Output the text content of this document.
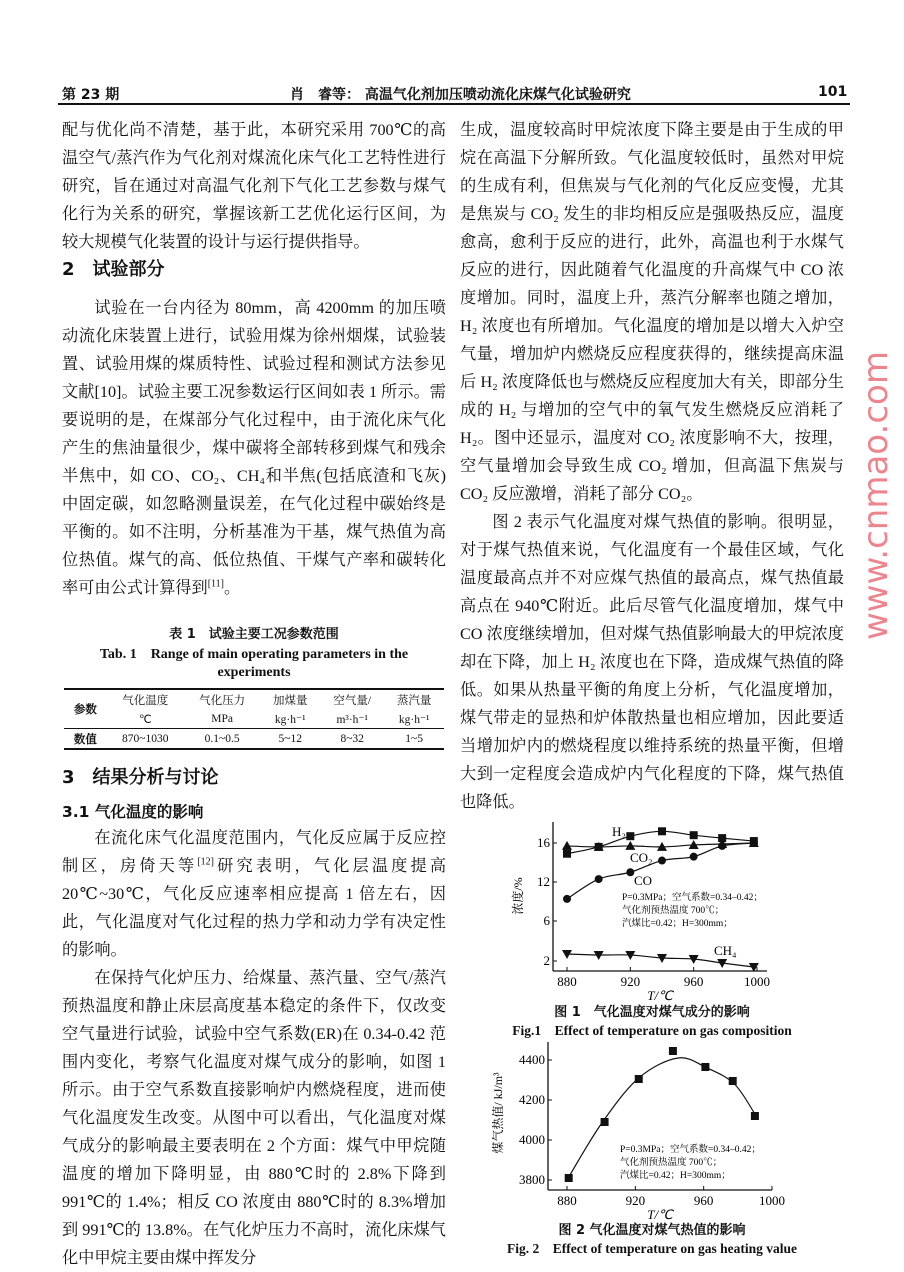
第 23 期	肖　睿等： 高温气化剂加压喷动流化床煤气化试验研究	101
配与优化尚不清楚，基于此，本研究采用 700℃的高温空气/蒸汽作为气化剂对煤流化床气化工艺特性进行研究，旨在通过对高温气化剂下气化工艺参数与煤气化行为关系的研究，掌握该新工艺优化运行区间，为较大规模气化装置的设计与运行提供指导。
2　试验部分
试验在一台内径为 80mm，高 4200mm 的加压喷动流化床装置上进行，试验用煤为徐州烟煤，试验装置、试验用煤的煤质特性、试验过程和测试方法参见文献[10]。试验主要工况参数运行区间如表 1 所示。需要说明的是，在煤部分气化过程中，由于流化床气化产生的焦油量很少，煤中碳将全部转移到煤气和残余半焦中，如 CO、CO₂、CH₄和半焦(包括底渣和飞灰)中固定碳，如忽略测量误差，在气化过程中碳始终是平衡的。如不注明，分析基准为干基，煤气热值为高位热值。煤气的高、低位热值、干煤气产率和碳转化率可由公式计算得到[11]。
表 1　试验主要工况参数范围
Tab. 1　Range of main operating parameters in the experiments
参数	气化温度	气化压力	加煤量	空气量/	蒸汽量
	℃	MPa	kg·h⁻¹	m³·h⁻¹	kg·h⁻¹
数值	870~1030	0.1~0.5	5~12	8~32	1~5
3　结果分析与讨论
3.1 气化温度的影响
在流化床气化温度范围内，气化反应属于反应控制区，房倚天等[12]研究表明，气化层温度提高 20℃~30℃，气化反应速率相应提高 1 倍左右，因此，气化温度对气化过程的热力学和动力学有决定性的影响。
在保持气化炉压力、给煤量、蒸汽量、空气/蒸汽预热温度和静止床层高度基本稳定的条件下，仅改变空气量进行试验，试验中空气系数(ER)在 0.34-0.42 范围内变化，考察气化温度对煤气成分的影响，如图 1 所示。由于空气系数直接影响炉内燃烧程度，进而使气化温度发生改变。从图中可以看出，气化温度对煤气成分的影响最主要表明在 2 个方面：煤气中甲烷随温度的增加下降明显，由 880℃时的 2.8%下降到 991℃的 1.4%；相反 CO 浓度由 880℃时的 8.3%增加到 991℃的 13.8%。在气化炉压力不高时，流化床煤气化中甲烷主要由煤中挥发分
生成，温度较高时甲烷浓度下降主要是由于生成的甲烷在高温下分解所致。气化温度较低时，虽然对甲烷的生成有利，但焦炭与气化剂的气化反应变慢，尤其是焦炭与 CO₂ 发生的非均相反应是强吸热反应，温度愈高，愈利于反应的进行，此外，高温也利于水煤气反应的进行，因此随着气化温度的升高煤气中 CO 浓度增加。同时，温度上升，蒸汽分解率也随之增加，H₂ 浓度也有所增加。气化温度的增加是以增大入炉空气量，增加炉内燃烧反应程度获得的，继续提高床温后 H₂ 浓度降低也与燃烧反应程度加大有关，即部分生成的 H₂ 与增加的空气中的氧气发生燃烧反应消耗了 H₂。图中还显示，温度对 CO₂ 浓度影响不大，按理，空气量增加会导致生成 CO₂ 增加，但高温下焦炭与 CO₂ 反应激增，消耗了部分 CO₂。
图 2 表示气化温度对煤气热值的影响。很明显，对于煤气热值来说，气化温度有一个最佳区域，气化温度最高点并不对应煤气热值的最高点，煤气热值最高点在 940℃附近。此后尽管气化温度增加，煤气中 CO 浓度继续增加，但对煤气热值影响最大的甲烷浓度却在下降，加上 H₂ 浓度也在下降，造成煤气热值的降低。如果从热量平衡的角度上分析，气化温度增加，煤气带走的显热和炉体散热量也相应增加，因此要适当增加炉内的燃烧程度以维持系统的热量平衡，但增大到一定程度会造成炉内气化程度的下降，煤气热值也降低。
880	920	960	1000
2
6
12
16
T/℃
浓度/%
H₂
CO₂
CO
CH₄
P=0.3MPa；空气系数=0.34–0.42；
气化剂预热温度 700℃；
汽煤比=0.42；H=300mm；
图 1　气化温度对煤气成分的影响
Fig.1　Effect of temperature on gas composition
880	920	960	1000
3800
4000
4200
4400
T/℃
煤气热值/ kJ/m³	P=0.3MPa；空气系数=0.34–0.42；
气化剂预热温度 700℃；
汽煤比=0.42；H=300mm；
图 2 气化温度对煤气热值的影响
Fig. 2　Effect of temperature on gas heating value
www.cnmao.com
